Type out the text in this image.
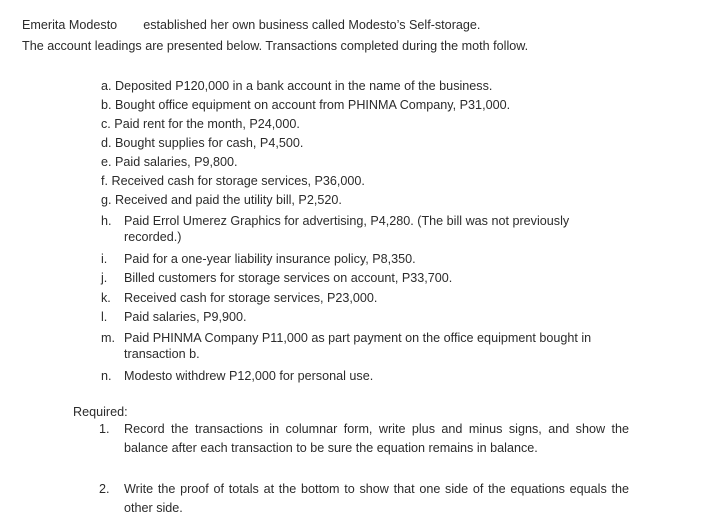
Emerita Modesto established her own business called Modesto’s Self-storage.
The account leadings are presented below. Transactions completed during the moth follow.
a. Deposited P120,000 in a bank account in the name of the business.
b. Bought office equipment on account from PHINMA Company, P31,000.
c. Paid rent for the month, P24,000.
d. Bought supplies for cash, P4,500.
e. Paid salaries, P9,800.
f. Received cash for storage services, P36,000.
g. Received and paid the utility bill, P2,520.
h. Paid Errol Umerez Graphics for advertising, P4,280. (The bill was not previously recorded.)
i. Paid for a one-year liability insurance policy, P8,350.
j. Billed customers for storage services on account, P33,700.
k. Received cash for storage services, P23,000.
l. Paid salaries, P9,900.
m. Paid PHINMA Company P11,000 as part payment on the office equipment bought in transaction b.
n. Modesto withdrew P12,000 for personal use.
Required:
1. Record the transactions in columnar form, write plus and minus signs, and show the balance after each transaction to be sure the equation remains in balance.
2. Write the proof of totals at the bottom to show that one side of the equations equals the other side.
